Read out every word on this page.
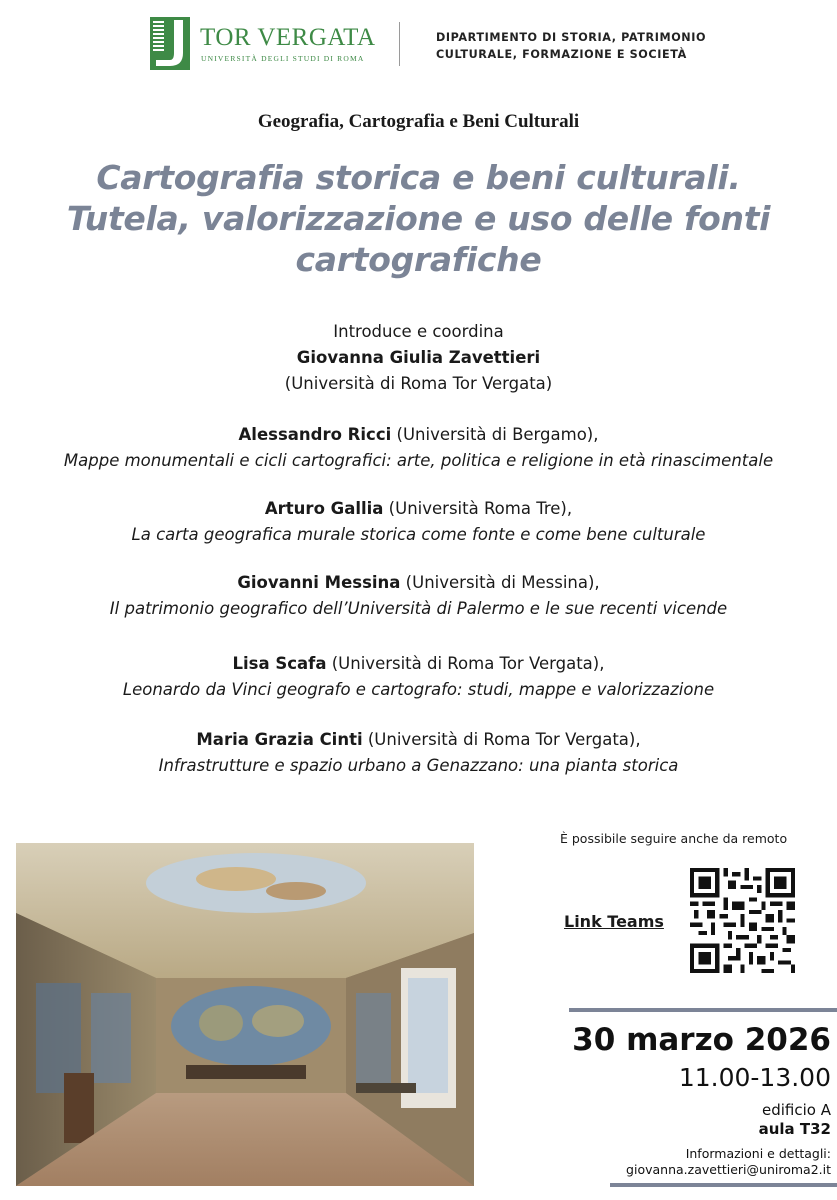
TOR VERGATA
UNIVERSITÀ DEGLI STUDI DI ROMA
DIPARTIMENTO DI STORIA, PATRIMONIO
CULTURALE, FORMAZIONE E SOCIETÀ
Geografia, Cartografia e Beni Culturali
Cartografia storica e beni culturali.
Tutela, valorizzazione e uso delle fonti
cartografiche
Introduce e coordina
Giovanna Giulia Zavettieri
(Università di Roma Tor Vergata)
Alessandro Ricci (Università di Bergamo),
Mappe monumentali e cicli cartografici: arte, politica e religione in età rinascimentale
Arturo Gallia (Università Roma Tre),
La carta geografica murale storica come fonte e come bene culturale
Giovanni Messina (Università di Messina),
Il patrimonio geografico dell’Università di Palermo e le sue recenti vicende
Lisa Scafa (Università di Roma Tor Vergata),
Leonardo da Vinci geografo e cartografo: studi, mappe e valorizzazione
Maria Grazia Cinti (Università di Roma Tor Vergata),
Infrastrutture e spazio urbano a Genazzano: una pianta storica
È possibile seguire anche da remoto
Link Teams
30 marzo 2026
11.00-13.00
edificio A
aula T32
Informazioni e dettagli:
giovanna.zavettieri@uniroma2.it
